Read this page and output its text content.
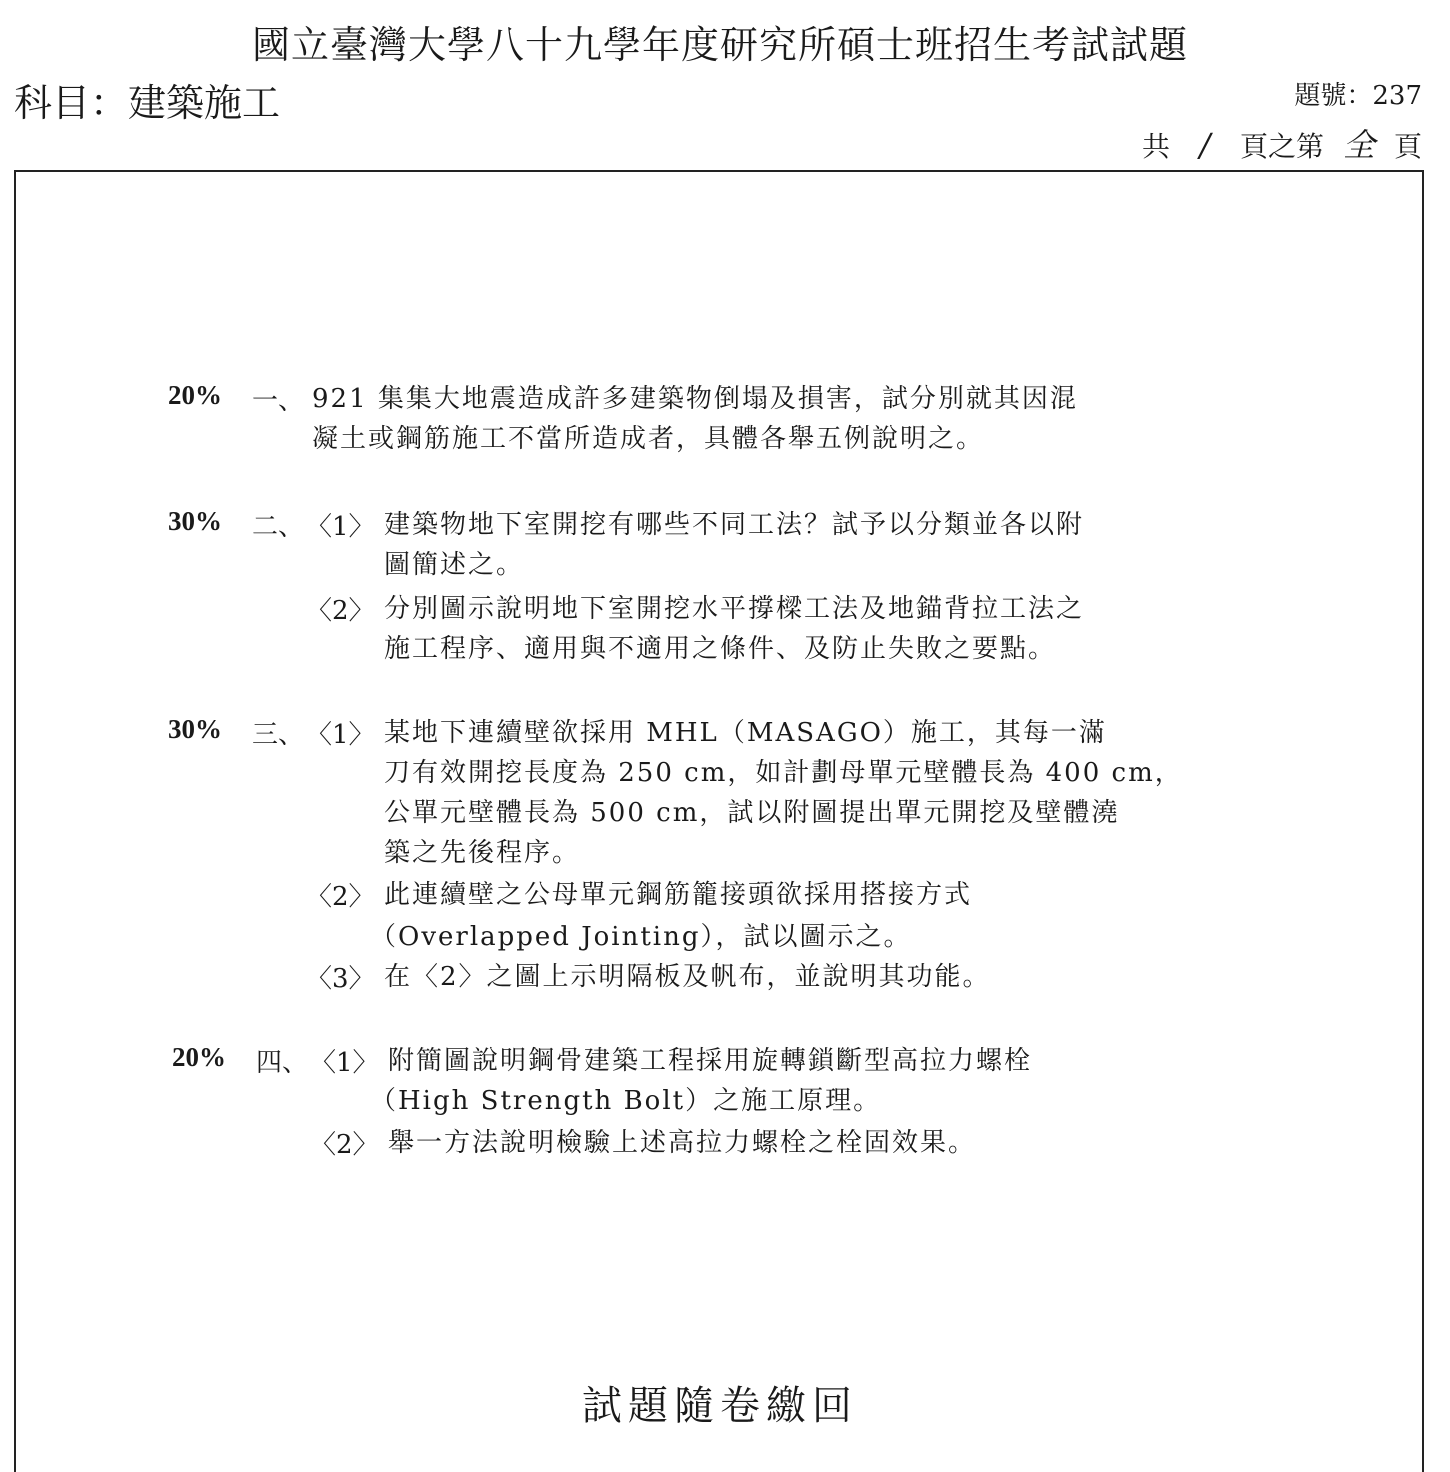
國立臺灣大學八十九學年度研究所碩士班招生考試試題
科目：建築施工	題號：237
共 /	頁之第 全 頁
20% 一、 921 集集大地震造成許多建築物倒塌及損害，試分別就其因混
凝土或鋼筋施工不當所造成者，具體各舉五例說明之。
30% 二、 〈1〉 建築物地下室開挖有哪些不同工法？試予以分類並各以附
圖簡述之。
〈2〉 分別圖示說明地下室開挖水平撐樑工法及地錨背拉工法之
施工程序、適用與不適用之條件、及防止失敗之要點。
30% 三、 〈1〉 某地下連續壁欲採用 MHL（MASAGO）施工，其每一滿
刀有效開挖長度為 250 cm，如計劃母單元壁體長為 400 cm，
公單元壁體長為 500 cm，試以附圖提出單元開挖及壁體澆
築之先後程序。
〈2〉 此連續壁之公母單元鋼筋籠接頭欲採用搭接方式
（Overlapped Jointing），試以圖示之。
〈3〉 在〈2〉之圖上示明隔板及帆布，並說明其功能。
20% 四、 〈1〉 附簡圖說明鋼骨建築工程採用旋轉鎖斷型高拉力螺栓
（High Strength Bolt）之施工原理。
〈2〉 舉一方法說明檢驗上述高拉力螺栓之栓固效果。
試題隨卷繳回
